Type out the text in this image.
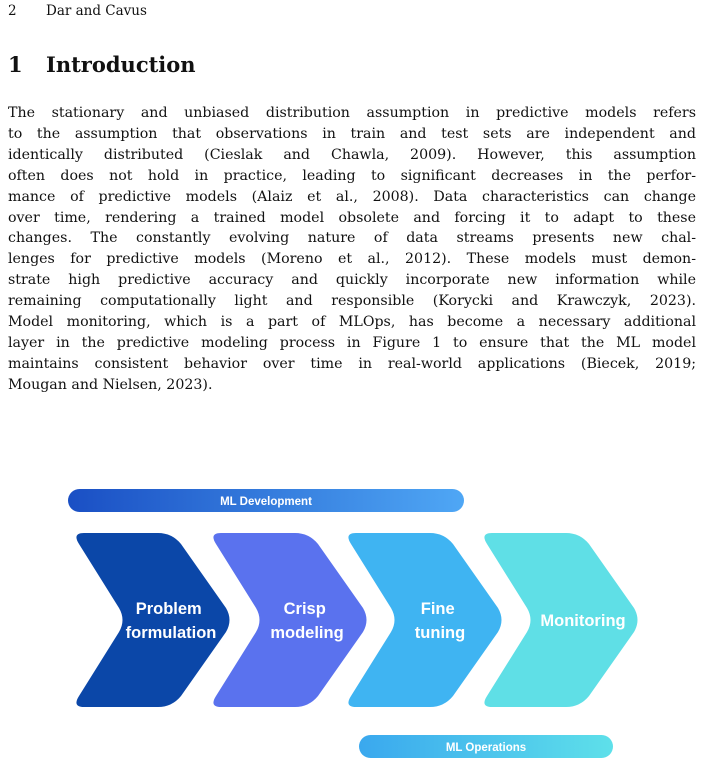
2 Dar and Cavus
1 Introduction
The stationary and unbiased distribution assumption in predictive models refers
to the assumption that observations in train and test sets are independent and
identically distributed (Cieslak and Chawla, 2009). However, this assumption
often does not hold in practice, leading to significant decreases in the perfor-
mance of predictive models (Alaiz et al., 2008). Data characteristics can change
over time, rendering a trained model obsolete and forcing it to adapt to these
changes. The constantly evolving nature of data streams presents new chal-
lenges for predictive models (Moreno et al., 2012). These models must demon-
strate high predictive accuracy and quickly incorporate new information while
remaining computationally light and responsible (Korycki and Krawczyk, 2023).
Model monitoring, which is a part of MLOps, has become a necessary additional
layer in the predictive modeling process in Figure 1 to ensure that the ML model
maintains consistent behavior over time in real-world applications (Biecek, 2019;
Mougan and Nielsen, 2023).
ML Development
Problem formulation
Crisp modeling
Fine tuning
Monitoring
ML Operations
